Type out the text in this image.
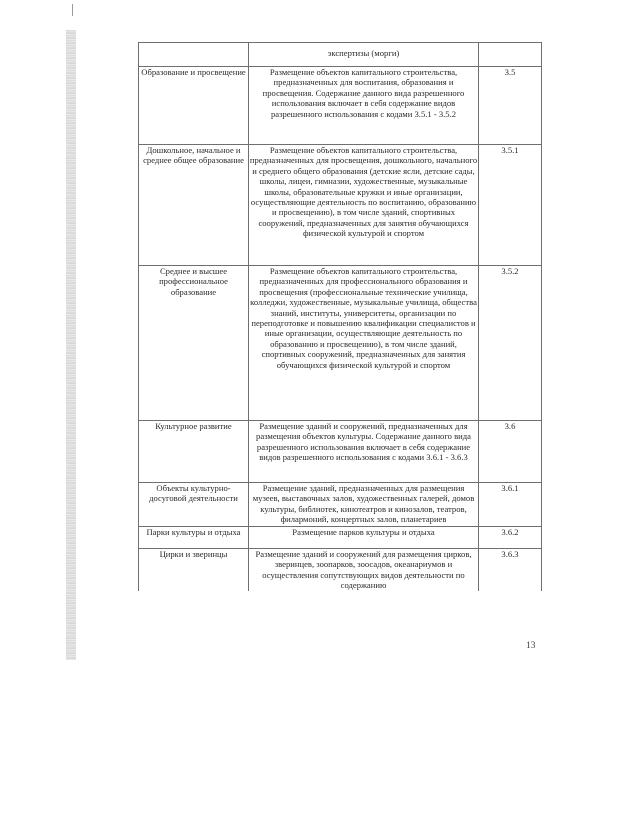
	экспертизы (морги)	
Образование и просвещение	Размещение объектов капитального строительства, предназначенных для воспитания, образования и просвещения. Содержание данного вида разрешенного использования включает в себя содержание видов разрешенного использования с кодами 3.5.1 - 3.5.2	3.5
Дошкольное, начальное и среднее общее образование	Размещение объектов капитального строительства, предназначенных для просвещения, дошкольного, начального и среднего общего образования (детские ясли, детские сады, школы, лицеи, гимназии, художественные, музыкальные школы, образовательные кружки и иные организации, осуществляющие деятельность по воспитанию, образованию и просвещению), в том числе зданий, спортивных сооружений, предназначенных для занятия обучающихся физической культурой и спортом	3.5.1
Среднее и высшее профессиональное образование	Размещение объектов капитального строительства, предназначенных для профессионального образования и просвещения (профессиональные технические училища, колледжи, художественные, музыкальные училища, общества знаний, институты, университеты, организации по переподготовке и повышению квалификации специалистов и иные организации, осуществляющие деятельность по образованию и просвещению), в том числе зданий, спортивных сооружений, предназначенных для занятия обучающихся физической культурой и спортом	3.5.2
Культурное развитие	Размещение зданий и сооружений, предназначенных для размещения объектов культуры. Содержание данного вида разрешенного использования включает в себя содержание видов разрешенного использования с кодами 3.6.1 - 3.6.3	3.6
Объекты культурно-досуговой деятельности	Размещение зданий, предназначенных для размещения музеев, выставочных залов, художественных галерей, домов культуры, библиотек, кинотеатров и кинозалов, театров, филармоний, концертных залов, планетариев	3.6.1
Парки культуры и отдыха	Размещение парков культуры и отдыха	3.6.2
Цирки и зверинцы	Размещение зданий и сооружений для размещения цирков, зверинцев, зоопарков, зоосадов, океанариумов и осуществления сопутствующих видов деятельности по содержанию	3.6.3
13
